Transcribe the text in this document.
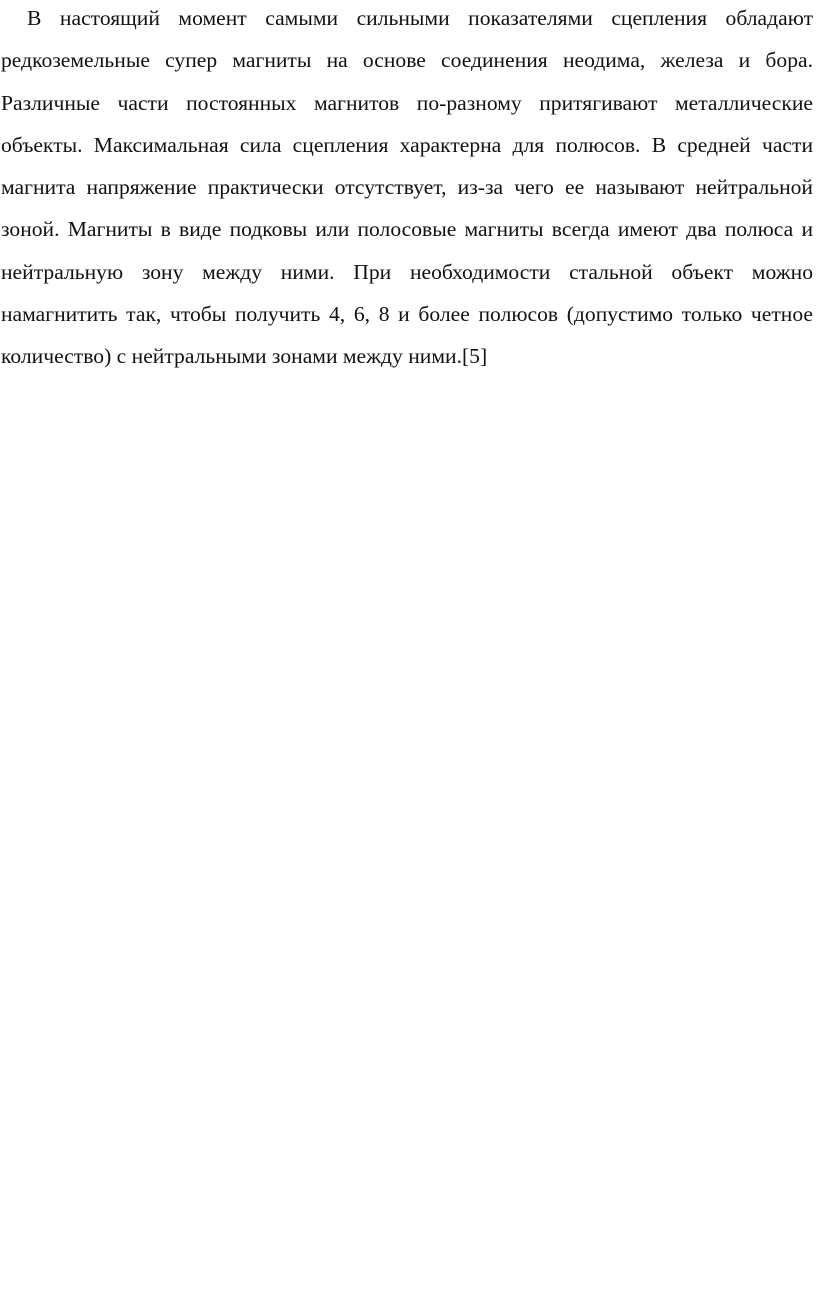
В настоящий момент самыми сильными показателями сцепления обладают редкоземельные супер магниты на основе соединения неодима, железа и бора. Различные части постоянных магнитов по-разному притягивают металлические объекты. Максимальная сила сцепления характерна для полюсов. В средней части магнита напряжение практически отсутствует, из-за чего ее называют нейтральной зоной. Магниты в виде подковы или полосовые магниты всегда имеют два полюса и нейтральную зону между ними. При необходимости стальной объект можно намагнитить так, чтобы получить 4, 6, 8 и более полюсов (допустимо только четное количество) с нейтральными зонами между ними.[5]
